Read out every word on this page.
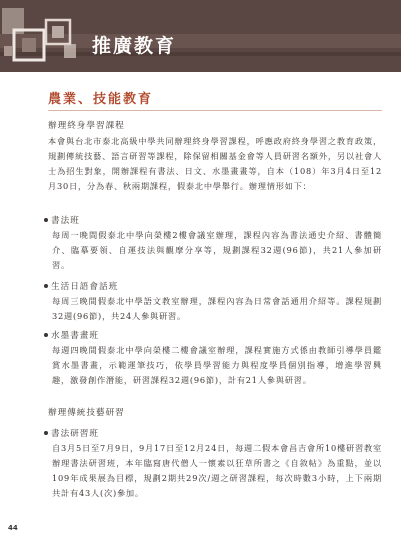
推廣教育
農業、技能教育
辦理終身學習課程
本會與台北市泰北高級中學共同辦理終身學習課程，呼應政府終身學習之教育政策，規劃傳統技藝、語言研習等課程，除保留相關基金會等人員研習名額外，另以社會人士為招生對象，開辦課程有書法、日文、水墨畫畫等，自本（108）年3月4日至12月30日，分為春、秋兩期課程，假泰北中學舉行。辦理情形如下：
書法班
每周一晚間假泰北中學向榮樓2樓會議室辦理，課程內容為書法通史介紹、書體簡介、臨摹要領、自運技法與觀摩分享等，規劃課程32週(96節)，共21人參加研習。
生活日語會話班
每周三晚間假泰北中學語文教室辦理，課程內容為日常會話通用介紹等。課程規劃32週(96節)，共24人參與研習。
水墨書畫班
每週四晚間假泰北中學向榮樓二樓會議室辦理，課程實施方式係由教師引導學員鑑賞水墨書畫，示範運筆技巧，依學員學習能力與程度學員個別指導，增進學習興趣，激發創作潛能，研習課程32週(96節)，計有21人參與研習。
辦理傳統技藝研習
書法研習班
自3月5日至7月9日，9月17日至12月24日，每週二假本會昌吉會所10樓研習教室辦理書法研習班，本年臨寫唐代僧人一懷素以狂草所書之《自敘帖》為重點，並以109年成果展為目標，規劃2期共29次/週之研習課程，每次時數3小時，上下兩期共計有43人(次)參加。
44
